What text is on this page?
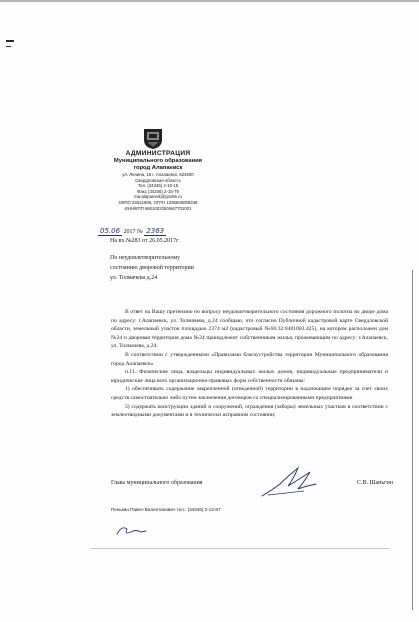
АДМИНИСТРАЦИЯ
Муниципального образования
город Алапаевск
ул. Ленина, 18 г. Алапаевск, 624600
Свердловская область
Тел. (34346) 2-10-15
Факс (34346) 2-15-79
ma-alapaevsk@gov66.ru
ОКПО 04041905, ОГРН 1036600000348
ИНН/КПП 6601002250/667701001
05.06 2017 № 2363
На вх.№283 от 26.05.2017г
По неудовлетворительному
состоянию дворовой территории
ул. Толмачева д.24

В ответ на Вашу претензию по вопросу неудовлетворительного состояния дорожного полотна во дворе дома по адресу: г.Алапаевск, ул. Толмачева, д.24 сообщаю, что согласно Публичной кадастровой карте Свердловской области, земельный участок площадью 2374 м2 (кадастровый №66:32:0401003:425), на котором расположен дом №24 и дворовая территория дома №24 принадлежит собственникам жилья, проживающим по адресу: г.Алапаевск, ул. Толмачева, д.24.

В соответствии с утвержденными «Правилами благоустройства территории Муниципального образования город Алапаевск»

п.11. Физические лица, владельцы индивидуальных жилых домов, индивидуальные предприниматели и юридические лица всех организационно-правовых форм собственности обязаны:

1) обеспечивать содержание закрепленной (отведенной) территории в надлежащем порядке за счет своих средств самостоятельно либо путем заключения договоров со специализированными предприятиями

5) содержать конструкции зданий и сооружений, ограждения (заборы) земельных участков в соответствии с землеотводными документами и в технически исправном состоянии;

Глава муниципального образования	С.В. Шаньгин
Пенькин Павел Валентинович тел.: (34346) 2-12-87
